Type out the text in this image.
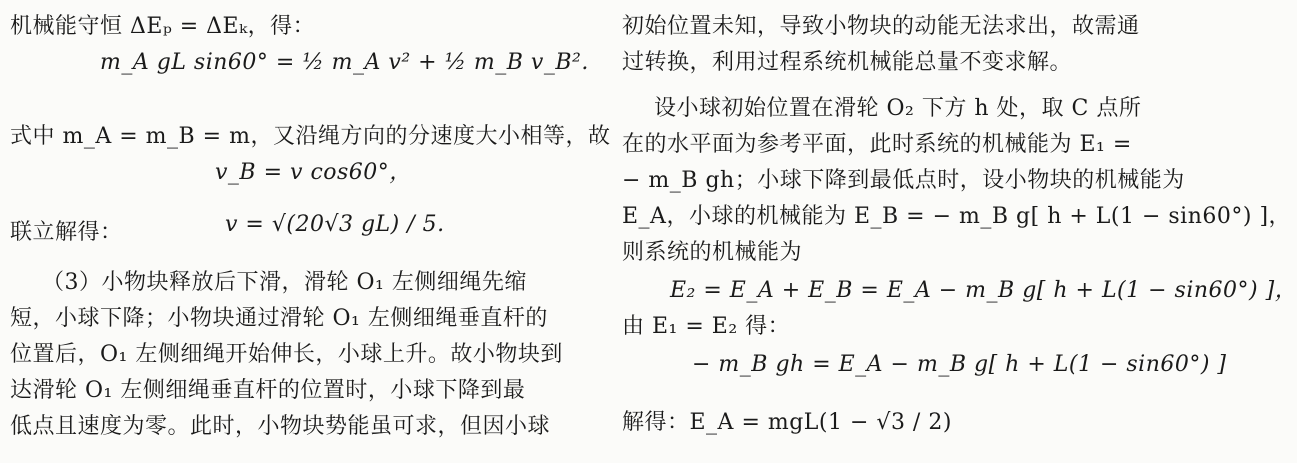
机械能守恒 ΔEₚ = ΔEₖ，得：
m_A gL sin60° = ½ m_A v² + ½ m_B v_B².
式中 m_A = m_B = m，又沿绳方向的分速度大小相等，故
v_B = v cos60°，
联立解得：	v = √(20√3 gL) / 5.
（3）小物块释放后下滑，滑轮 O₁ 左侧细绳先缩
短，小球下降；小物块通过滑轮 O₁ 左侧细绳垂直杆的
位置后，O₁ 左侧细绳开始伸长，小球上升。故小物块到
达滑轮 O₁ 左侧细绳垂直杆的位置时，小球下降到最
低点且速度为零。此时，小物块势能虽可求，但因小球
初始位置未知，导致小物块的动能无法求出，故需通
过转换，利用过程系统机械能总量不变求解。
设小球初始位置在滑轮 O₂ 下方 h 处，取 C 点所
在的水平面为参考平面，此时系统的机械能为 E₁ =
− m_B gh；小球下降到最低点时，设小物块的机械能为
E_A，小球的机械能为 E_B = − m_B g[ h + L(1 − sin60°) ]，
则系统的机械能为
E₂ = E_A + E_B = E_A − m_B g[ h + L(1 − sin60°) ]，
由 E₁ = E₂ 得：
− m_B gh = E_A − m_B g[ h + L(1 − sin60°) ]
解得：E_A = mgL(1 − √3 / 2)
